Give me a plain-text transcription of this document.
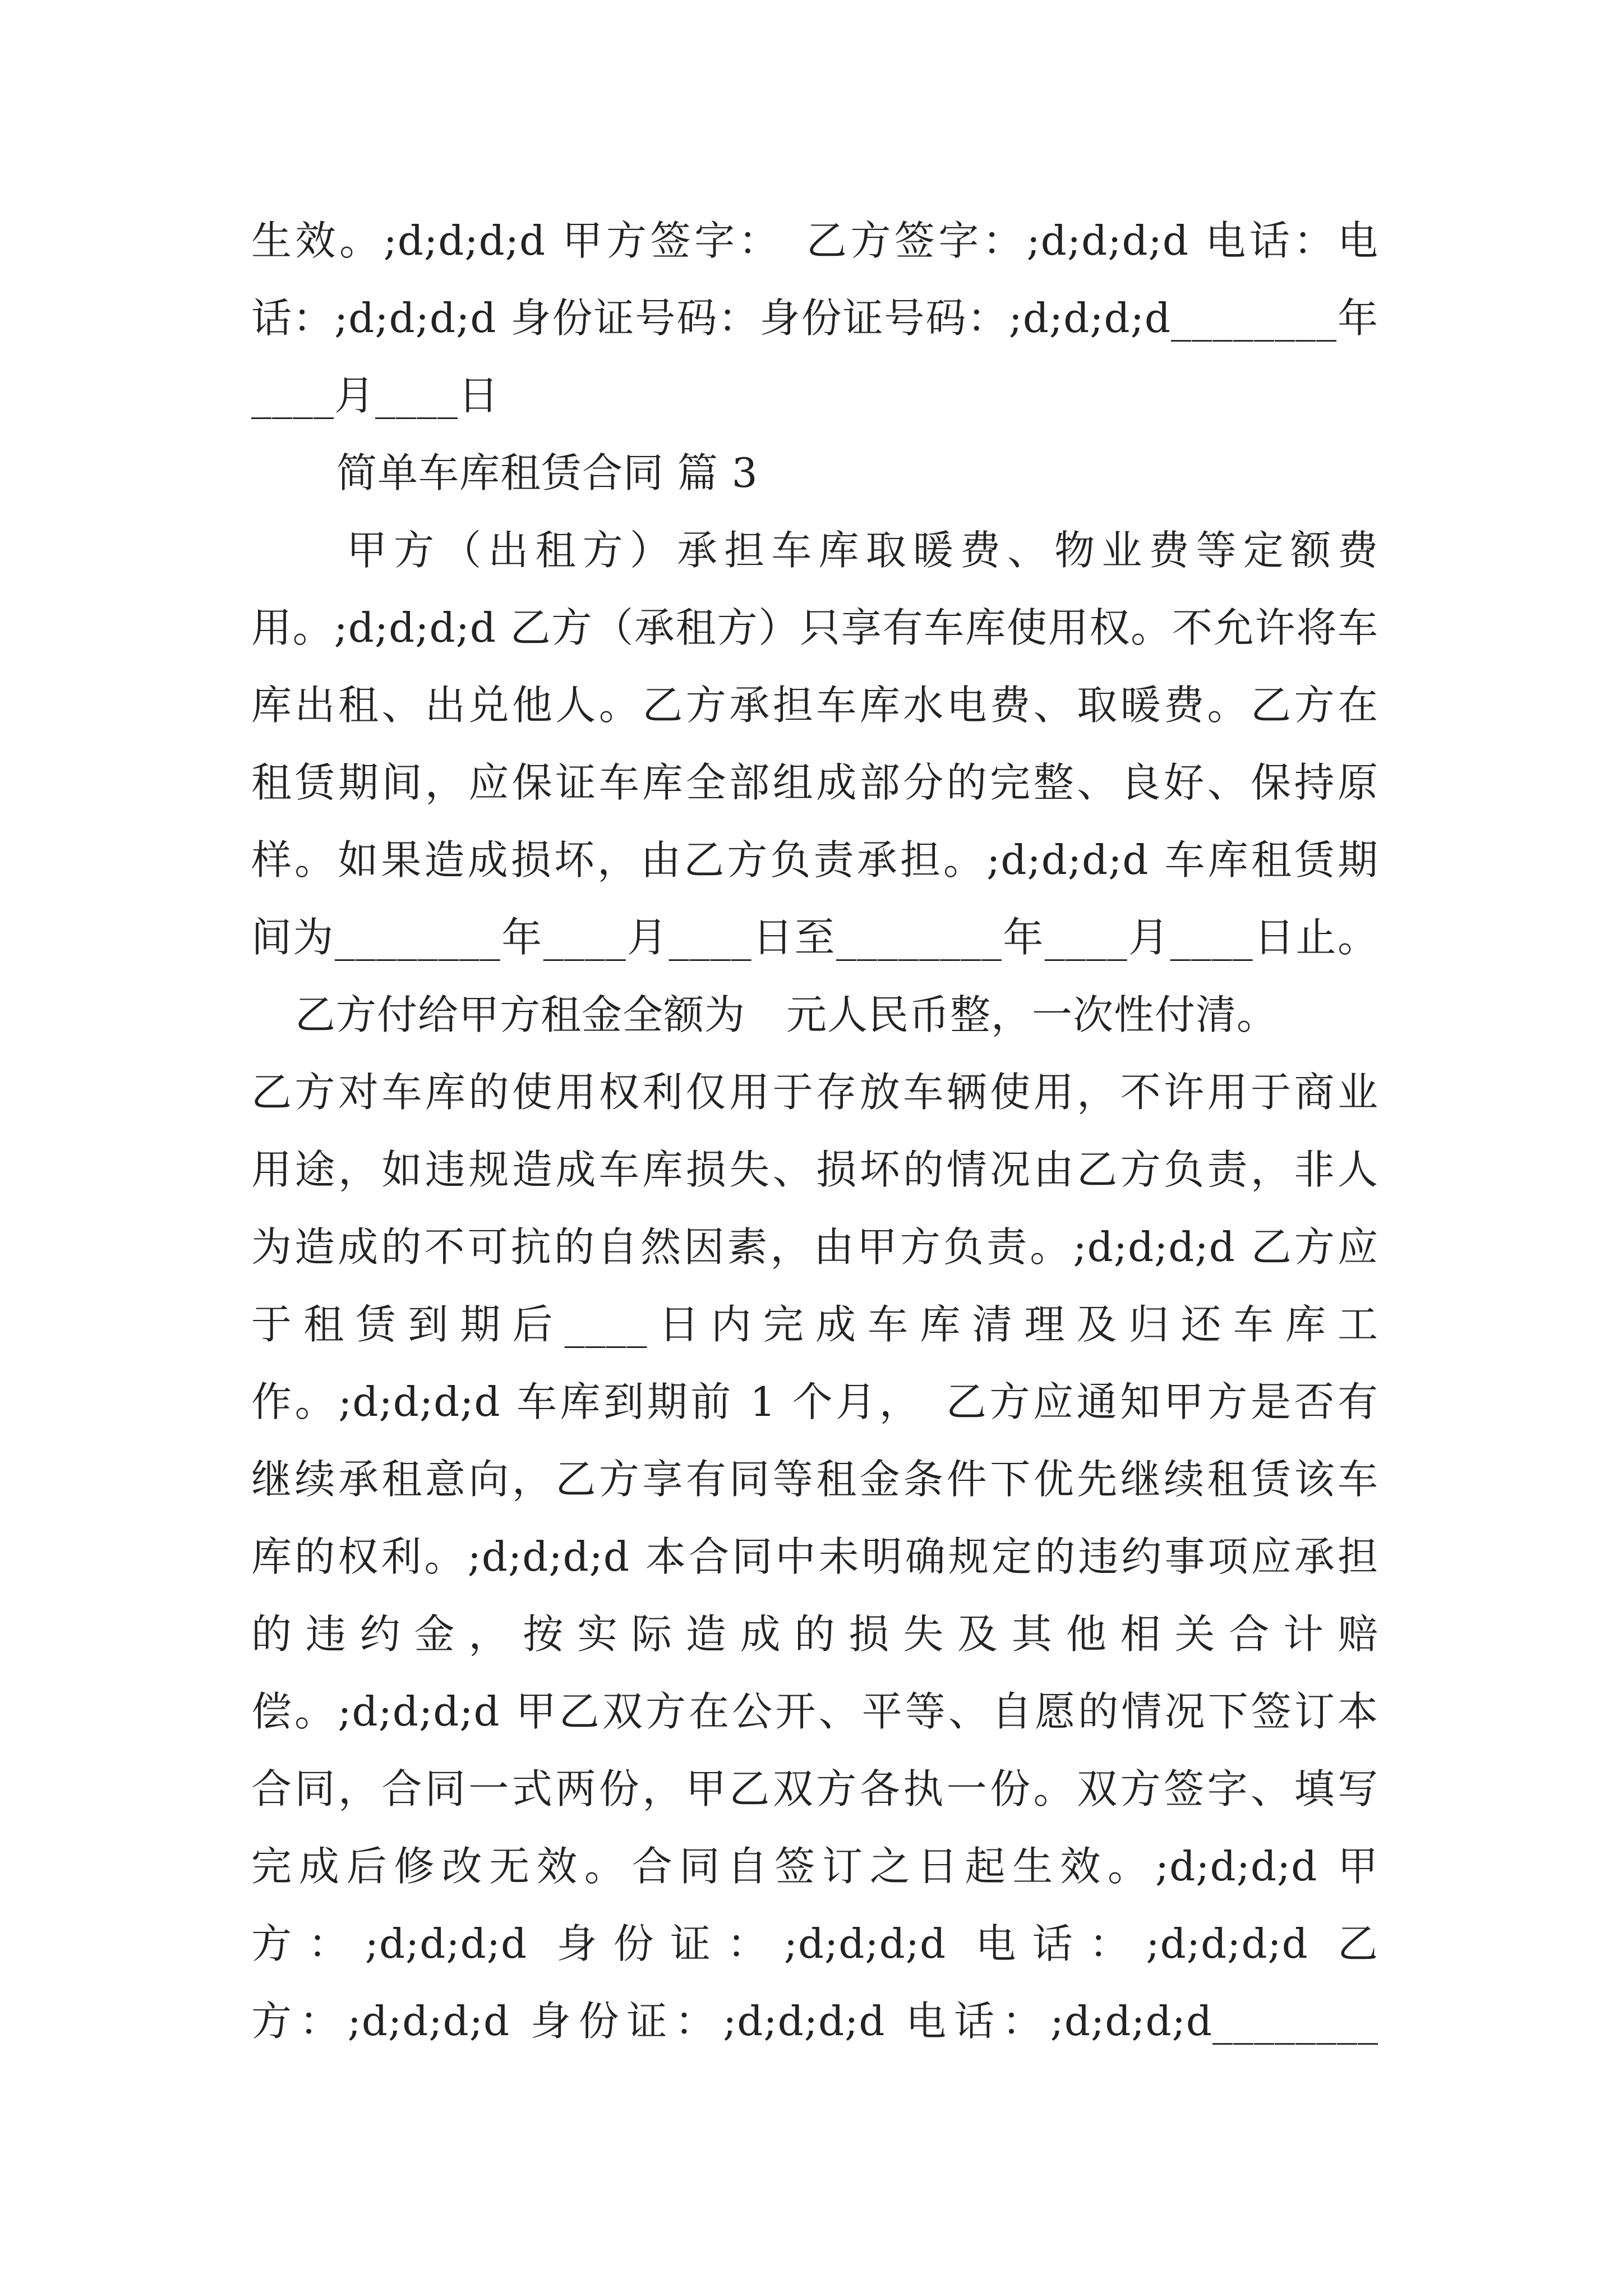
生效。;d;d;d;d 甲方签字：　乙方签字：;d;d;d;d 电话：电
话：;d;d;d;d 身份证号码：身份证号码：;d;d;d;d________年
____月____日
简单车库租赁合同 篇 3
甲方（出租方）承担车库取暖费、物业费等定额费
用。;d;d;d;d 乙方（承租方）只享有车库使用权。不允许将车
库出租、出兑他人。乙方承担车库水电费、取暖费。乙方在
租赁期间，应保证车库全部组成部分的完整、良好、保持原
样。如果造成损坏，由乙方负责承担。;d;d;d;d 车库租赁期
间为________年____月____日至________年____月____日止。
乙方付给甲方租金全额为　元人民币整，一次性付清。
乙方对车库的使用权利仅用于存放车辆使用，不许用于商业
用途，如违规造成车库损失、损坏的情况由乙方负责，非人
为造成的不可抗的自然因素，由甲方负责。;d;d;d;d 乙方应
于租赁到期后____日内完成车库清理及归还车库工
作。;d;d;d;d 车库到期前 1 个月，　乙方应通知甲方是否有
继续承租意向，乙方享有同等租金条件下优先继续租赁该车
库的权利。;d;d;d;d 本合同中未明确规定的违约事项应承担
的违约金，按实际造成的损失及其他相关合计赔
偿。;d;d;d;d 甲乙双方在公开、平等、自愿的情况下签订本
合同，合同一式两份，甲乙双方各执一份。双方签字、填写
完成后修改无效。合同自签订之日起生效。;d;d;d;d 甲
方：;d;d;d;d 身份证：;d;d;d;d 电话：;d;d;d;d 乙
方：;d;d;d;d 身份证：;d;d;d;d 电话：;d;d;d;d________
